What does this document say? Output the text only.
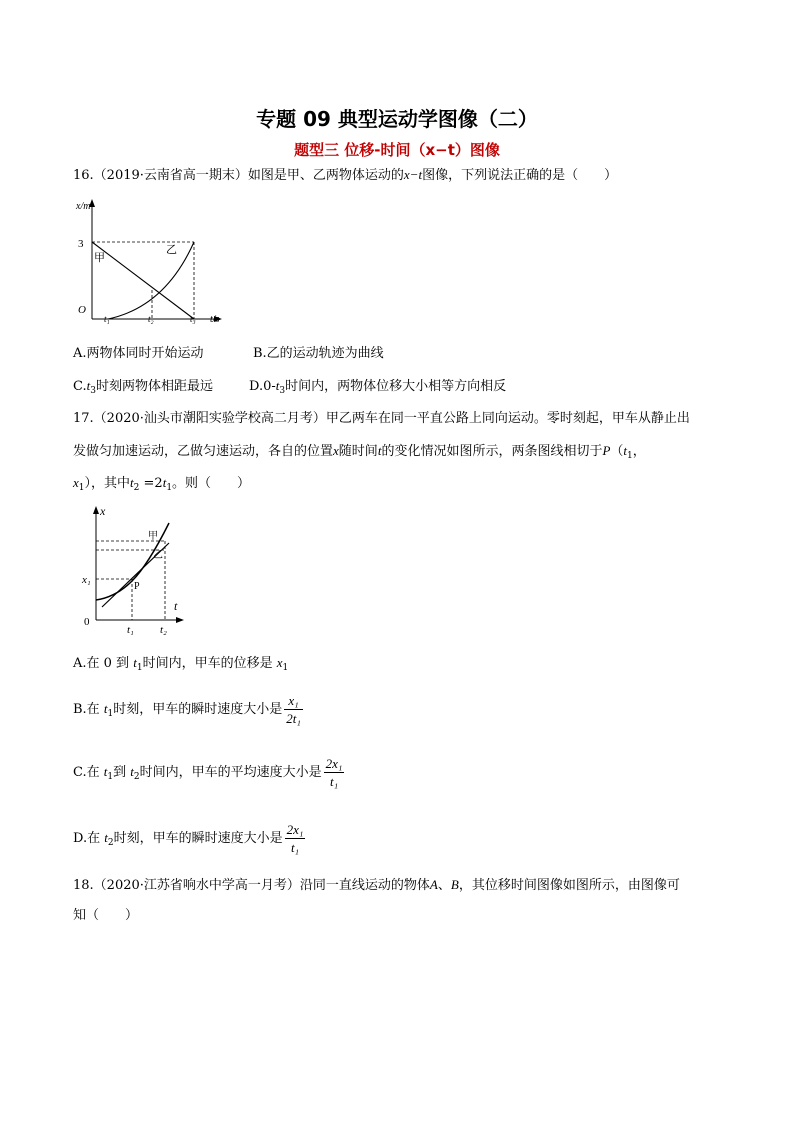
专题 09 典型运动学图像（二）
题型三 位移-时间（x−t）图像
16.（2019·云南省高一期末）如图是甲、乙两物体运动的x−t图像，下列说法正确的是（　　）
x/m
3
O
t₁	t₂	t₃ t/s
甲
乙
A.两物体同时开始运动	B.乙的运动轨迹为曲线
$C.t_3$时刻两物体相距最远	$D.0-t_3$时间内，两物体位移大小相等方向相反
17.（2020·汕头市潮阳实验学校高二月考）甲乙两车在同一平直公路上同向运动。零时刻起，甲车从静止出
发做匀加速运动，乙做匀速运动，各自的位置x随时间t的变化情况如图所示，两条图线相切于$P(t_1$，
$x_1$），其中$t_2 =2t_1$。则（　　）
x
t
x₁
0
t₁ t₂
P
甲
乙
A.在 0 到 $t_1$时间内，甲车的位移是 $x_1$
B.在 $t_1$时刻，甲车的瞬时速度大小是 $\frac{\text{x₁}}{\text{2t₁}}$
C.在 $t_1$到 $t_2$时间内，甲车的平均速度大小是 $\frac{\text{2x₁}}{\text{t₁}}$
D.在 $t_2$时刻，甲车的瞬时速度大小是 $\frac{\text{2x₁}}{\text{t₁}}$
18.（2020·江苏省响水中学高一月考）沿同一直线运动的物体A、B，其位移时间图像如图所示，由图像可
知（　　）
